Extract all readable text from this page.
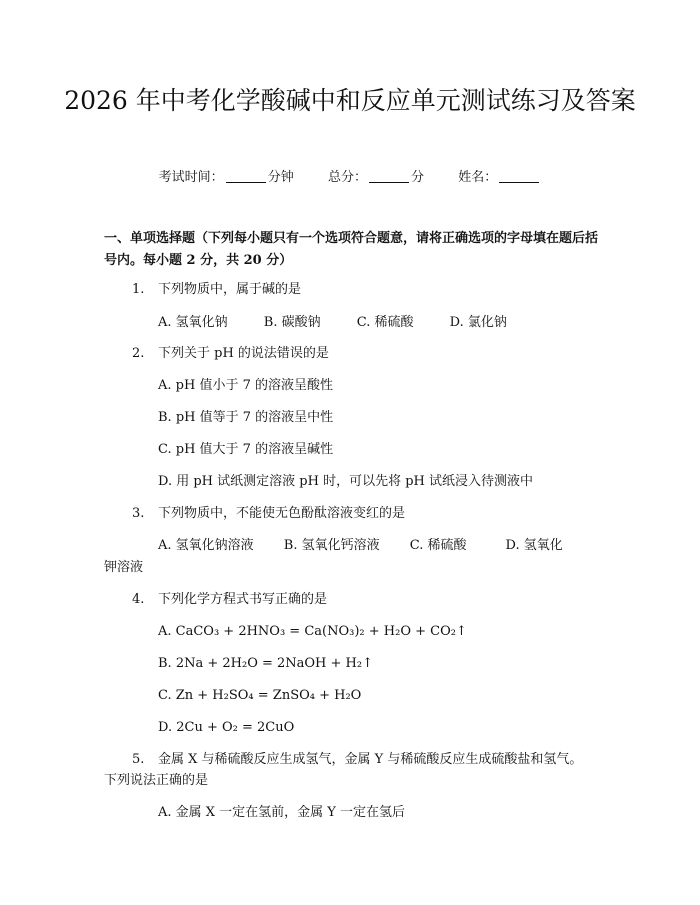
2026 年中考化学酸碱中和反应单元测试练习及答案
考试时间：	分钟	总分：	分	姓名：
一、单项选择题（下列每小题只有一个选项符合题意，请将正确选项的字母填在题后括号内。每小题 2 分，共 20 分）
1. 下列物质中，属于碱的是
A. 氢氧化钠	B. 碳酸钠	C. 稀硫酸	D. 氯化钠
2. 下列关于 pH 的说法错误的是
A. pH 值小于 7 的溶液呈酸性
B. pH 值等于 7 的溶液呈中性
C. pH 值大于 7 的溶液呈碱性
D. 用 pH 试纸测定溶液 pH 时，可以先将 pH 试纸浸入待测液中
3. 下列物质中，不能使无色酚酞溶液变红的是
A. 氢氧化钠溶液　　 B. 氢氧化钙溶液　　 C. 稀硫酸　　　D. 氢氧化
钾溶液
4. 下列化学方程式书写正确的是
A. CaCO₃ + 2HNO₃ = Ca(NO₃)₂ + H₂O + CO₂↑
B. 2Na + 2H₂O = 2NaOH + H₂↑
C. Zn + H₂SO₄ = ZnSO₄ + H₂O
D. 2Cu + O₂ = 2CuO
5. 金属 X 与稀硫酸反应生成氢气，金属 Y 与稀硫酸反应生成硫酸盐和氢气。
下列说法正确的是
A. 金属 X 一定在氢前，金属 Y 一定在氢后
